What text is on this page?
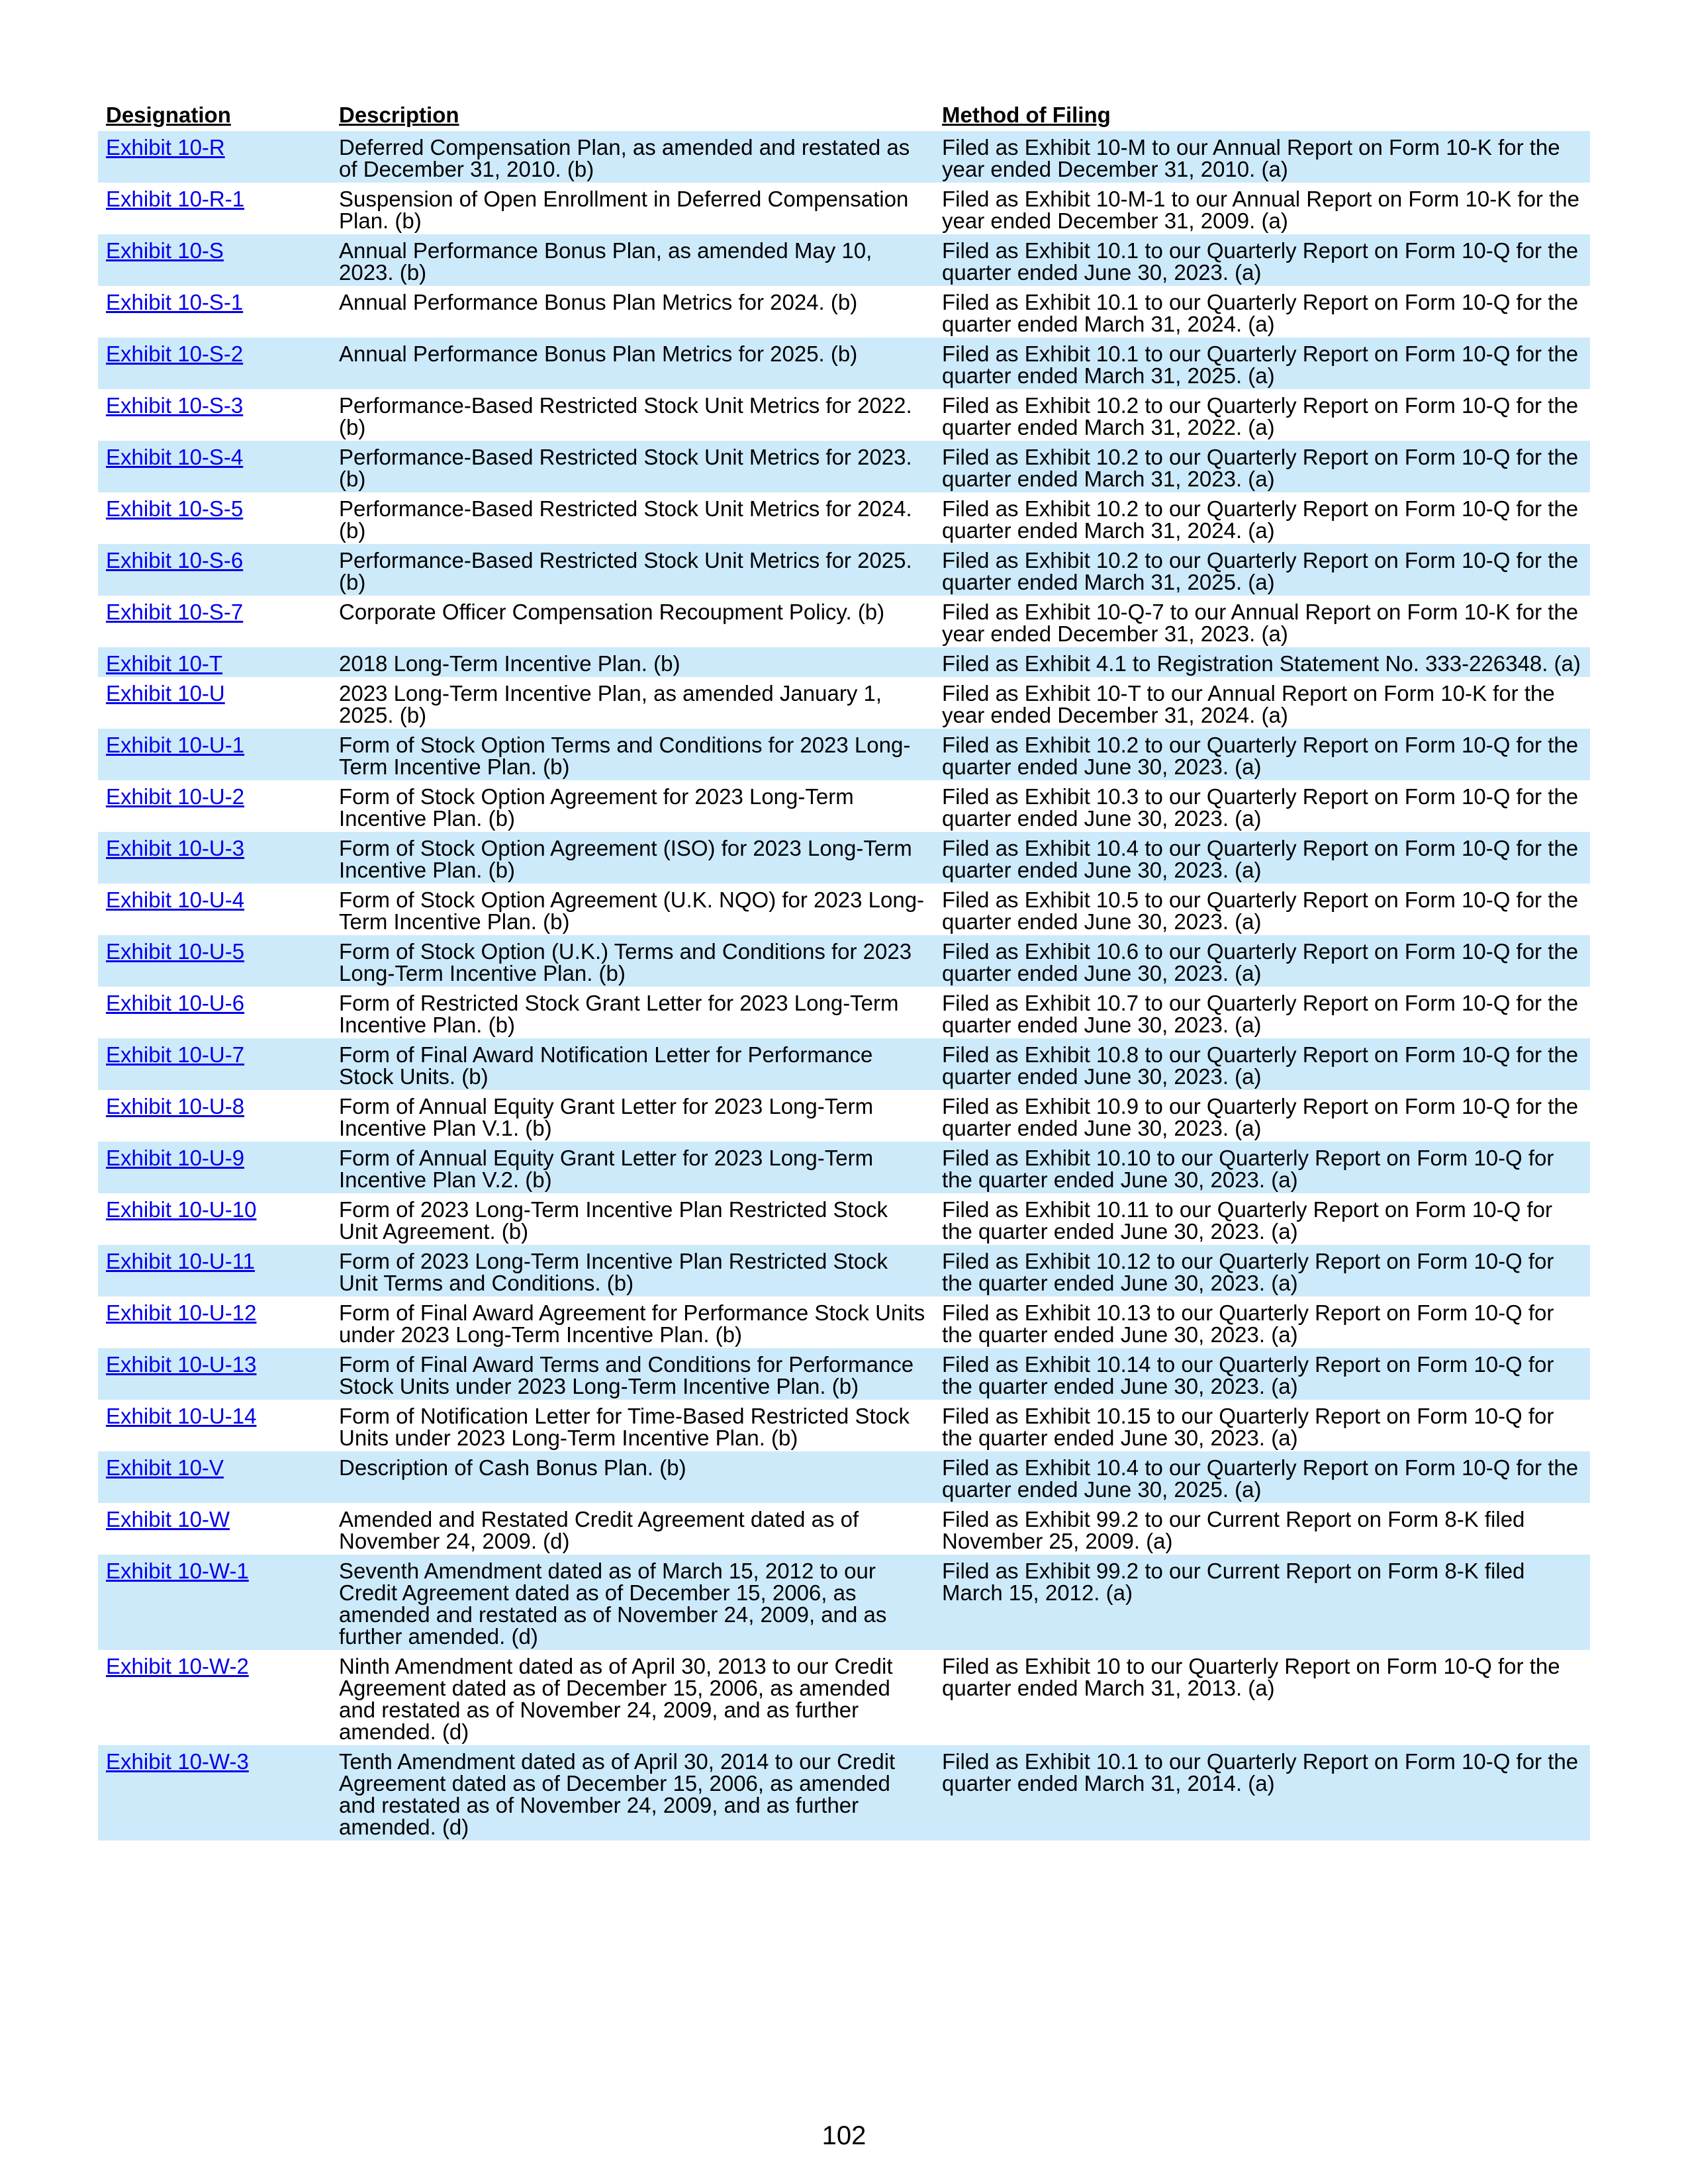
Designation	Description	Method of Filing
Exhibit 10-R	Deferred Compensation Plan, as amended and restated as of December 31, 2010. (b)	Filed as Exhibit 10-M to our Annual Report on Form 10-K for the year ended December 31, 2010. (a)
Exhibit 10-R-1	Suspension of Open Enrollment in Deferred Compensation Plan. (b)	Filed as Exhibit 10-M-1 to our Annual Report on Form 10-K for the year ended December 31, 2009. (a)
Exhibit 10-S	Annual Performance Bonus Plan, as amended May 10, 2023. (b)	Filed as Exhibit 10.1 to our Quarterly Report on Form 10-Q for the quarter ended June 30, 2023. (a)
Exhibit 10-S-1	Annual Performance Bonus Plan Metrics for 2024. (b)	Filed as Exhibit 10.1 to our Quarterly Report on Form 10-Q for the quarter ended March 31, 2024. (a)
Exhibit 10-S-2	Annual Performance Bonus Plan Metrics for 2025. (b)	Filed as Exhibit 10.1 to our Quarterly Report on Form 10-Q for the quarter ended March 31, 2025. (a)
Exhibit 10-S-3	Performance-Based Restricted Stock Unit Metrics for 2022. (b)	Filed as Exhibit 10.2 to our Quarterly Report on Form 10-Q for the quarter ended March 31, 2022. (a)
Exhibit 10-S-4	Performance-Based Restricted Stock Unit Metrics for 2023. (b)	Filed as Exhibit 10.2 to our Quarterly Report on Form 10-Q for the quarter ended March 31, 2023. (a)
Exhibit 10-S-5	Performance-Based Restricted Stock Unit Metrics for 2024. (b)	Filed as Exhibit 10.2 to our Quarterly Report on Form 10-Q for the quarter ended March 31, 2024. (a)
Exhibit 10-S-6	Performance-Based Restricted Stock Unit Metrics for 2025. (b)	Filed as Exhibit 10.2 to our Quarterly Report on Form 10-Q for the quarter ended March 31, 2025. (a)
Exhibit 10-S-7	Corporate Officer Compensation Recoupment Policy. (b)	Filed as Exhibit 10-Q-7 to our Annual Report on Form 10-K for the year ended December 31, 2023. (a)
Exhibit 10-T	2018 Long-Term Incentive Plan. (b)	Filed as Exhibit 4.1 to Registration Statement No. 333-226348. (a)
Exhibit 10-U	2023 Long-Term Incentive Plan, as amended January 1, 2025. (b)	Filed as Exhibit 10-T to our Annual Report on Form 10-K for the year ended December 31, 2024. (a)
Exhibit 10-U-1	Form of Stock Option Terms and Conditions for 2023 Long-Term Incentive Plan. (b)	Filed as Exhibit 10.2 to our Quarterly Report on Form 10-Q for the quarter ended June 30, 2023. (a)
Exhibit 10-U-2	Form of Stock Option Agreement for 2023 Long-Term Incentive Plan. (b)	Filed as Exhibit 10.3 to our Quarterly Report on Form 10-Q for the quarter ended June 30, 2023. (a)
Exhibit 10-U-3	Form of Stock Option Agreement (ISO) for 2023 Long-Term Incentive Plan. (b)	Filed as Exhibit 10.4 to our Quarterly Report on Form 10-Q for the quarter ended June 30, 2023. (a)
Exhibit 10-U-4	Form of Stock Option Agreement (U.K. NQO) for 2023 Long-Term Incentive Plan. (b)	Filed as Exhibit 10.5 to our Quarterly Report on Form 10-Q for the quarter ended June 30, 2023. (a)
Exhibit 10-U-5	Form of Stock Option (U.K.) Terms and Conditions for 2023 Long-Term Incentive Plan. (b)	Filed as Exhibit 10.6 to our Quarterly Report on Form 10-Q for the quarter ended June 30, 2023. (a)
Exhibit 10-U-6	Form of Restricted Stock Grant Letter for 2023 Long-Term Incentive Plan. (b)	Filed as Exhibit 10.7 to our Quarterly Report on Form 10-Q for the quarter ended June 30, 2023. (a)
Exhibit 10-U-7	Form of Final Award Notification Letter for Performance Stock Units. (b)	Filed as Exhibit 10.8 to our Quarterly Report on Form 10-Q for the quarter ended June 30, 2023. (a)
Exhibit 10-U-8	Form of Annual Equity Grant Letter for 2023 Long-Term Incentive Plan V.1. (b)	Filed as Exhibit 10.9 to our Quarterly Report on Form 10-Q for the quarter ended June 30, 2023. (a)
Exhibit 10-U-9	Form of Annual Equity Grant Letter for 2023 Long-Term Incentive Plan V.2. (b)	Filed as Exhibit 10.10 to our Quarterly Report on Form 10-Q for the quarter ended June 30, 2023. (a)
Exhibit 10-U-10	Form of 2023 Long-Term Incentive Plan Restricted Stock Unit Agreement. (b)	Filed as Exhibit 10.11 to our Quarterly Report on Form 10-Q for the quarter ended June 30, 2023. (a)
Exhibit 10-U-11	Form of 2023 Long-Term Incentive Plan Restricted Stock Unit Terms and Conditions. (b)	Filed as Exhibit 10.12 to our Quarterly Report on Form 10-Q for the quarter ended June 30, 2023. (a)
Exhibit 10-U-12	Form of Final Award Agreement for Performance Stock Units under 2023 Long-Term Incentive Plan. (b)	Filed as Exhibit 10.13 to our Quarterly Report on Form 10-Q for the quarter ended June 30, 2023. (a)
Exhibit 10-U-13	Form of Final Award Terms and Conditions for Performance Stock Units under 2023 Long-Term Incentive Plan. (b)	Filed as Exhibit 10.14 to our Quarterly Report on Form 10-Q for the quarter ended June 30, 2023. (a)
Exhibit 10-U-14	Form of Notification Letter for Time-Based Restricted Stock Units under 2023 Long-Term Incentive Plan. (b)	Filed as Exhibit 10.15 to our Quarterly Report on Form 10-Q for the quarter ended June 30, 2023. (a)
Exhibit 10-V	Description of Cash Bonus Plan. (b)	Filed as Exhibit 10.4 to our Quarterly Report on Form 10-Q for the quarter ended June 30, 2025. (a)
Exhibit 10-W	Amended and Restated Credit Agreement dated as of November 24, 2009. (d)	Filed as Exhibit 99.2 to our Current Report on Form 8-K filed November 25, 2009. (a)
Exhibit 10-W-1	Seventh Amendment dated as of March 15, 2012 to our Credit Agreement dated as of December 15, 2006, as amended and restated as of November 24, 2009, and as further amended. (d)	Filed as Exhibit 99.2 to our Current Report on Form 8-K filed March 15, 2012. (a)
Exhibit 10-W-2	Ninth Amendment dated as of April 30, 2013 to our Credit Agreement dated as of December 15, 2006, as amended and restated as of November 24, 2009, and as further amended. (d)	Filed as Exhibit 10 to our Quarterly Report on Form 10-Q for the quarter ended March 31, 2013. (a)
Exhibit 10-W-3	Tenth Amendment dated as of April 30, 2014 to our Credit Agreement dated as of December 15, 2006, as amended and restated as of November 24, 2009, and as further amended. (d)	Filed as Exhibit 10.1 to our Quarterly Report on Form 10-Q for the quarter ended March 31, 2014. (a)
102
